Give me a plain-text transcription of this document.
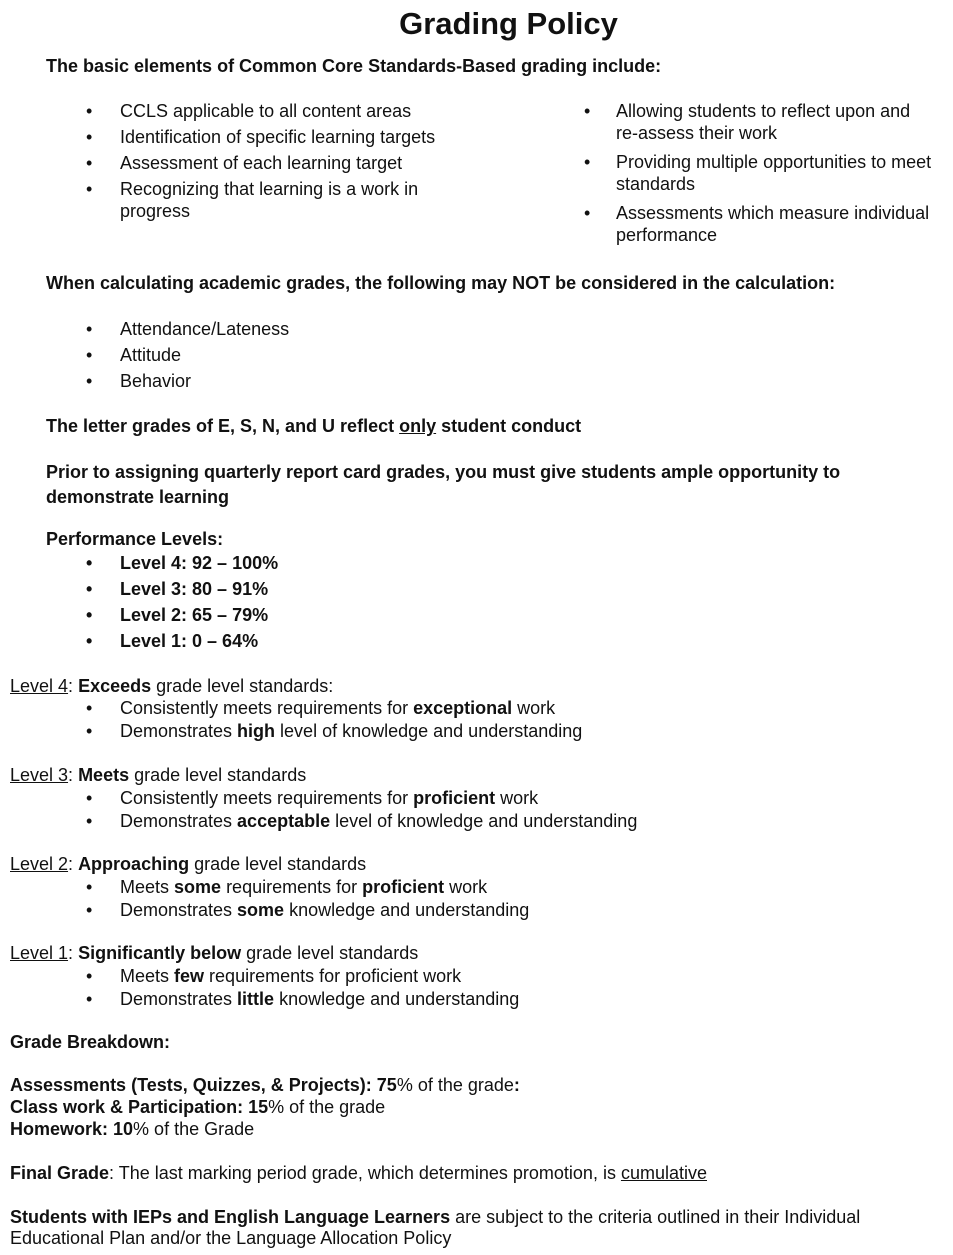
Grading Policy
The basic elements of Common Core Standards-Based grading include:
•	CCLS applicable to all content areas
•	Identification of specific learning targets
•	Assessment of each learning target
•	Recognizing that learning is a work in progress
•	Allowing students to reflect upon and re-assess their work
•	Providing multiple opportunities to meet standards
•	Assessments which measure individual performance
When calculating academic grades, the following may NOT be considered in the calculation:
•	Attendance/Lateness
•	Attitude
•	Behavior
The letter grades of E, S, N, and U reflect only student conduct
Prior to assigning quarterly report card grades, you must give students ample opportunity to demonstrate learning
Performance Levels:
•	Level 4: 92 – 100%
•	Level 3: 80 – 91%
•	Level 2: 65 – 79%
•	Level 1: 0 – 64%
Level 4: Exceeds grade level standards:
•	Consistently meets requirements for exceptional work
•	Demonstrates high level of knowledge and understanding
Level 3: Meets grade level standards
•	Consistently meets requirements for proficient work
•	Demonstrates acceptable level of knowledge and understanding
Level 2: Approaching grade level standards
•	Meets some requirements for proficient work
•	Demonstrates some knowledge and understanding
Level 1: Significantly below grade level standards
•	Meets few requirements for proficient work
•	Demonstrates little knowledge and understanding
Grade Breakdown:
Assessments (Tests, Quizzes, & Projects): 75% of the grade:
Class work & Participation: 15% of the grade
Homework: 10% of the Grade
Final Grade: The last marking period grade, which determines promotion, is cumulative
Students with IEPs and English Language Learners are subject to the criteria outlined in their Individual
Educational Plan and/or the Language Allocation Policy
